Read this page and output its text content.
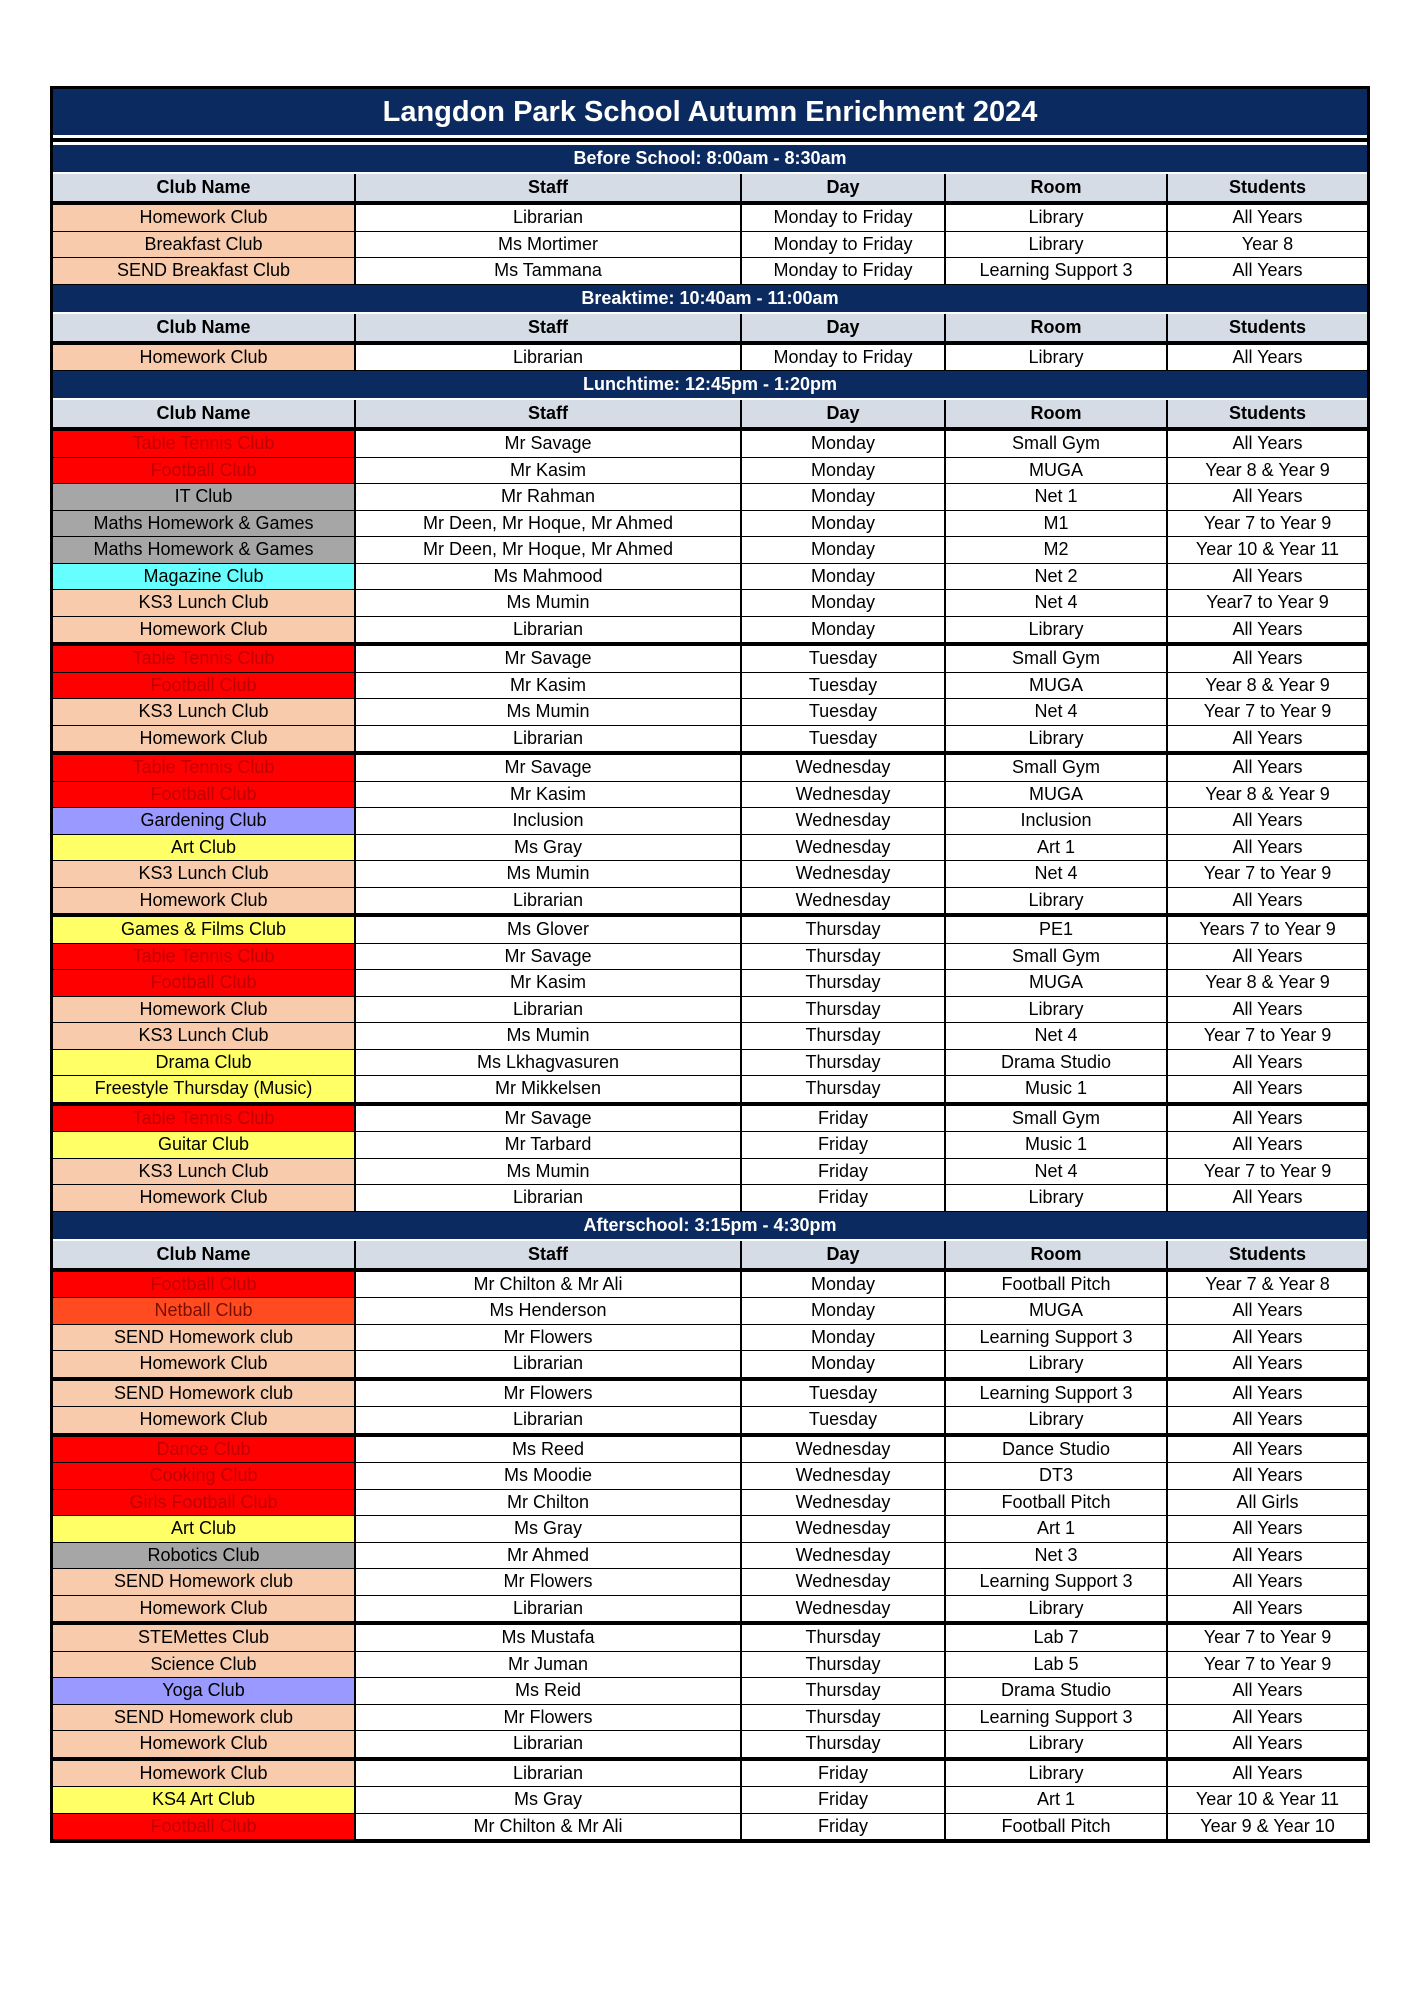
Langdon Park School Autumn Enrichment 2024
Before School: 8:00am - 8:30am
Club Name	Staff	Day	Room	Students
Homework Club	Librarian	Monday to Friday	Library	All Years
Breakfast Club	Ms Mortimer	Monday to Friday	Library	Year 8
SEND Breakfast Club	Ms Tammana	Monday to Friday	Learning Support 3	All Years
Breaktime: 10:40am - 11:00am
Club Name	Staff	Day	Room	Students
Homework Club	Librarian	Monday to Friday	Library	All Years
Lunchtime: 12:45pm - 1:20pm
Club Name	Staff	Day	Room	Students
Table Tennis Club	Mr Savage	Monday	Small Gym	All Years
Football Club	Mr Kasim	Monday	MUGA	Year 8 & Year 9
IT Club	Mr Rahman	Monday	Net 1	All Years
Maths Homework & Games	Mr Deen, Mr Hoque, Mr Ahmed	Monday	M1	Year 7 to Year 9
Maths Homework & Games	Mr Deen, Mr Hoque, Mr Ahmed	Monday	M2	Year 10 & Year 11
Magazine Club	Ms Mahmood	Monday	Net 2	All Years
KS3 Lunch Club	Ms Mumin	Monday	Net 4	Year7 to Year 9
Homework Club	Librarian	Monday	Library	All Years
Table Tennis Club	Mr Savage	Tuesday	Small Gym	All Years
Football Club	Mr Kasim	Tuesday	MUGA	Year 8 & Year 9
KS3 Lunch Club	Ms Mumin	Tuesday	Net 4	Year 7 to Year 9
Homework Club	Librarian	Tuesday	Library	All Years
Table Tennis Club	Mr Savage	Wednesday	Small Gym	All Years
Football Club	Mr Kasim	Wednesday	MUGA	Year 8 & Year 9
Gardening Club	Inclusion	Wednesday	Inclusion	All Years
Art Club	Ms Gray	Wednesday	Art 1	All Years
KS3 Lunch Club	Ms Mumin	Wednesday	Net 4	Year 7 to Year 9
Homework Club	Librarian	Wednesday	Library	All Years
Games & Films Club	Ms Glover	Thursday	PE1	Years 7 to Year 9
Table Tennis Club	Mr Savage	Thursday	Small Gym	All Years
Football Club	Mr Kasim	Thursday	MUGA	Year 8 & Year 9
Homework Club	Librarian	Thursday	Library	All Years
KS3 Lunch Club	Ms Mumin	Thursday	Net 4	Year 7 to Year 9
Drama Club	Ms Lkhagvasuren	Thursday	Drama Studio	All Years
Freestyle Thursday (Music)	Mr Mikkelsen	Thursday	Music 1	All Years
Table Tennis Club	Mr Savage	Friday	Small Gym	All Years
Guitar Club	Mr Tarbard	Friday	Music 1	All Years
KS3 Lunch Club	Ms Mumin	Friday	Net 4	Year 7 to Year 9
Homework Club	Librarian	Friday	Library	All Years
Afterschool: 3:15pm - 4:30pm
Club Name	Staff	Day	Room	Students
Football Club	Mr Chilton & Mr Ali	Monday	Football Pitch	Year 7 & Year 8
Netball Club	Ms Henderson	Monday	MUGA	All Years
SEND Homework club	Mr Flowers	Monday	Learning Support 3	All Years
Homework Club	Librarian	Monday	Library	All Years
SEND Homework club	Mr Flowers	Tuesday	Learning Support 3	All Years
Homework Club	Librarian	Tuesday	Library	All Years
Dance Club	Ms Reed	Wednesday	Dance Studio	All Years
Cooking Club	Ms Moodie	Wednesday	DT3	All Years
Girls Football Club	Mr Chilton	Wednesday	Football Pitch	All Girls
Art Club	Ms Gray	Wednesday	Art 1	All Years
Robotics Club	Mr Ahmed	Wednesday	Net 3	All Years
SEND Homework club	Mr Flowers	Wednesday	Learning Support 3	All Years
Homework Club	Librarian	Wednesday	Library	All Years
STEMettes Club	Ms Mustafa	Thursday	Lab 7	Year 7 to Year 9
Science Club	Mr Juman	Thursday	Lab 5	Year 7 to Year 9
Yoga Club	Ms Reid	Thursday	Drama Studio	All Years
SEND Homework club	Mr Flowers	Thursday	Learning Support 3	All Years
Homework Club	Librarian	Thursday	Library	All Years
Homework Club	Librarian	Friday	Library	All Years
KS4 Art Club	Ms Gray	Friday	Art 1	Year 10 & Year 11
Football Club	Mr Chilton & Mr Ali	Friday	Football Pitch	Year 9 & Year 10
